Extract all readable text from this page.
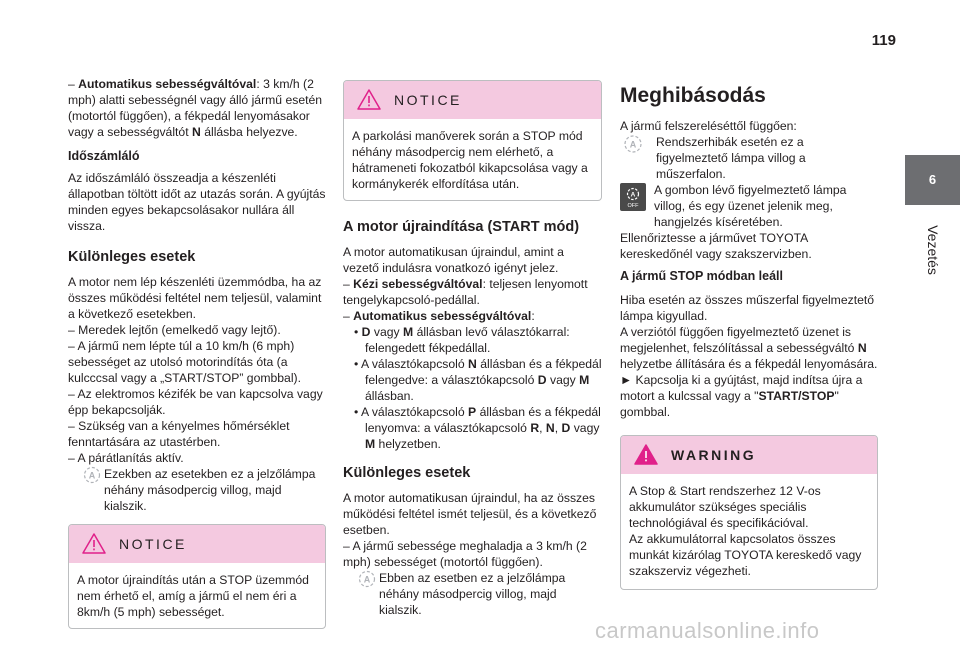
119
6
Vezetés

– Automatikus sebességváltóval: 3 km/h (2 mph) alatti sebességnél vagy álló jármű esetén (motortól függően), a fékpedál lenyomásakor vagy a sebességváltót N állásba helyezve.

Időszámláló

Az időszámláló összeadja a készenléti állapotban töltött időt az utazás során. A gyújtás minden egyes bekapcsolásakor nullára áll vissza.

Különleges esetek

A motor nem lép készenléti üzemmódba, ha az összes működési feltétel nem teljesül, valamint a következő esetekben.

– Meredek lejtőn (emelkedő vagy lejtő).
– A jármű nem lépte túl a 10 km/h (6 mph) sebességet az utolsó motorindítás óta (a kulcccsal vagy a „START/STOP” gombbal).
– Az elektromos kézifék be van kapcsolva vagy épp bekapcsolják.
– Szükség van a kényelmes hőmérséklet fenntartására az utastérben.
– A párátlanítás aktív.
A Ezekben az esetekben ez a jelzőlámpa néhány másodpercig villog, majd kialszik.
NOTICE
A motor újraindítás után a STOP üzemmód nem érhető el, amíg a jármű el nem éri a 8km/h (5 mph) sebességet.
NOTICE
A parkolási manőverek során a STOP mód néhány másodpercig nem elérhető, a hátrameneti fokozatból kikapcsolása vagy a kormánykerék elfordítása után.
A motor újraindítása (START mód)

A motor automatikusan újraindul, amint a vezető indulásra vonatkozó igényt jelez.

– Kézi sebességváltóval: teljesen lenyomott tengelykapcsoló-pedállal.
– Automatikus sebességváltóval:
• D vagy M állásban levő választókarral: felengedett fékpedállal.
• A választókapcsoló N állásban és a fékpedál felengedve: a választókapcsoló D vagy M állásban.
• A választókapcsoló P állásban és a fékpedál lenyomva: a választókapcsoló R, N, D vagy M helyzetben.
Különleges esetek

A motor automatikusan újraindul, ha az összes működési feltétel ismét teljesül, és a következő esetben.

– A jármű sebessége meghaladja a 3 km/h (2 mph) sebességet (motortól függően).
A Ebben az esetben ez a jelzőlámpa néhány másodpercig villog, majd kialszik.
Meghibásodás

A jármű felszereléséttől függően:

A Rendszerhibák esetén ez a figyelmeztető lámpa villog a műszerfalon.
A
OFF
A gombon lévő figyelmeztető lámpa villog, és egy üzenet jelenik meg, hangjelzés kíséretében.

Ellenőriztesse a járművet TOYOTA kereskedőnél vagy szakszervizben.

A jármű STOP módban leáll
Hiba esetén az összes műszerfal figyelmeztető lámpa kigyullad.
A verziótól függően figyelmeztető üzenet is megjelenhet, felszólítással a sebességváltó N helyzetbe állítására és a fékpedál lenyomására.
► Kapcsolja ki a gyújtást, majd indítsa újra a motort a kulcssal vagy a "START/STOP" gombbal.
WARNING
A Stop & Start rendszerhez 12 V-os akkumulátor szükséges speciális technológiával és specifikációval.
Az akkumulátorral kapcsolatos összes munkát kizárólag TOYOTA kereskedő vagy szakszerviz végezheti.
carmanualsonline.info
